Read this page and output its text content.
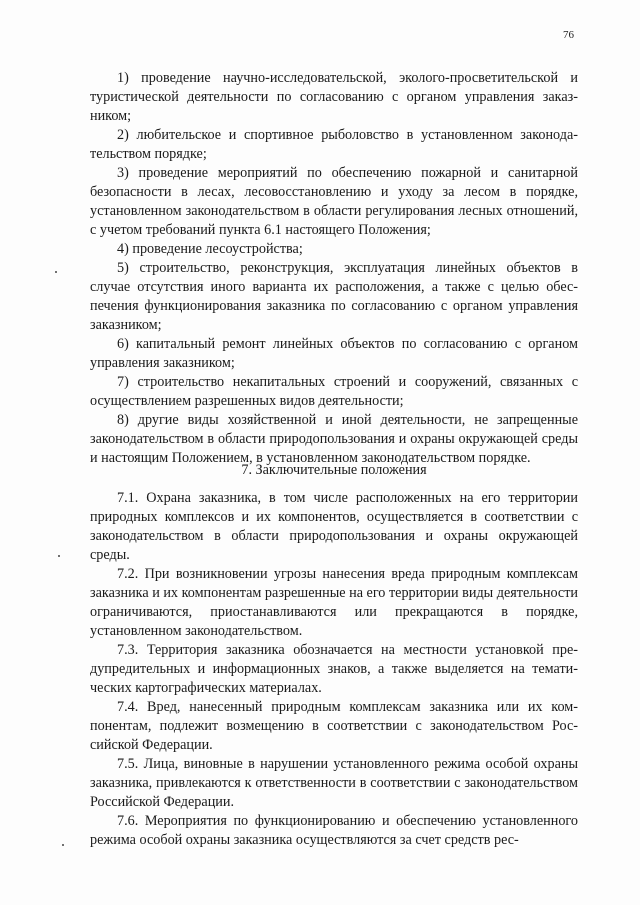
76

1) проведение научно-исследовательской, эколого-просветительской и туристической деятельности по согласованию с органом управления заказником;

2) любительское и спортивное рыболовство в установленном законодательством порядке;

3) проведение мероприятий по обеспечению пожарной и санитарной безопасности в лесах, лесовосстановлению и уходу за лесом в порядке, установленном законодательством в области регулирования лесных отношений, с учетом требований пункта 6.1 настоящего Положения;

4) проведение лесоустройства;

5) строительство, реконструкция, эксплуатация линейных объектов в случае отсутствия иного варианта их расположения, а также с целью обеспечения функционирования заказника по согласованию с органом управления заказником;

6) капитальный ремонт линейных объектов по согласованию с органом управления заказником;

7) строительство некапитальных строений и сооружений, связанных с осуществлением разрешенных видов деятельности;

8) другие виды хозяйственной и иной деятельности, не запрещенные законодательством в области природопользования и охраны окружающей среды и настоящим Положением, в установленном законодательством порядке.

7. Заключительные положения

7.1. Охрана заказника, в том числе расположенных на его территории природных комплексов и их компонентов, осуществляется в соответствии с законодательством в области природопользования и охраны окружающей среды.

7.2. При возникновении угрозы нанесения вреда природным комплексам заказника и их компонентам разрешенные на его территории виды деятельности ограничиваются, приостанавливаются или прекращаются в порядке, установленном законодательством.

7.3. Территория заказника обозначается на местности установкой предупредительных и информационных знаков, а также выделяется на тематических картографических материалах.

7.4. Вред, нанесенный природным комплексам заказника или их компонентам, подлежит возмещению в соответствии с законодательством Российской Федерации.

7.5. Лица, виновные в нарушении установленного режима особой охраны заказника, привлекаются к ответственности в соответствии с законодательством Российской Федерации.

7.6. Мероприятия по функционированию и обеспечению установленного режима особой охраны заказника осуществляются за счет средств рес-
